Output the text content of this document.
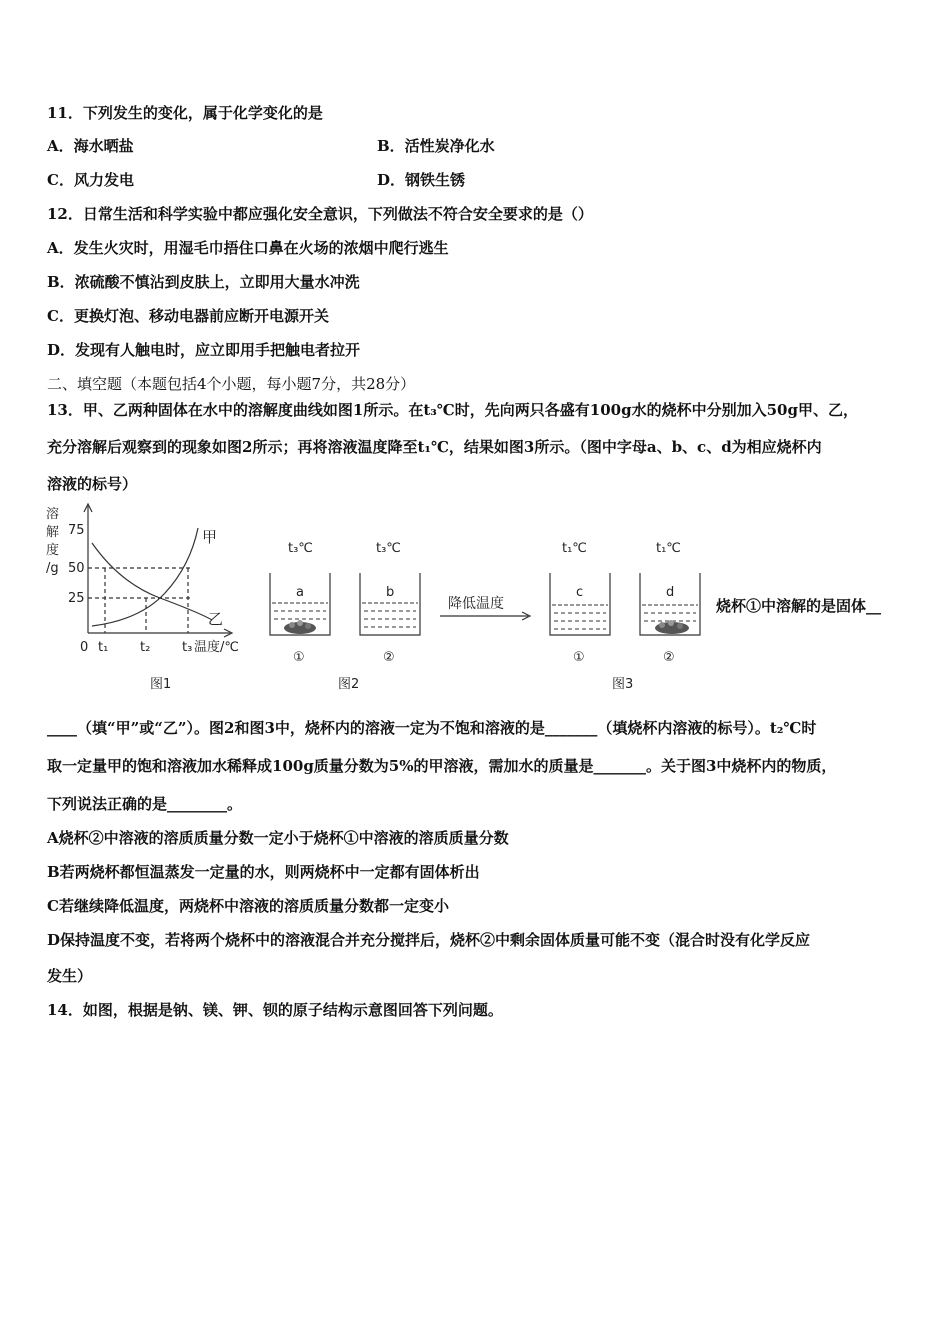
11．下列发生的变化，属于化学变化的是
A．海水晒盐	B．活性炭净化水
C．风力发电	D．钢铁生锈
12．日常生活和科学实验中都应强化安全意识，下列做法不符合安全要求的是（）
A．发生火灾时，用湿毛巾捂住口鼻在火场的浓烟中爬行逃生
B．浓硫酸不慎沾到皮肤上，立即用大量水冲洗
C．更换灯泡、移动电器前应断开电源开关
D．发现有人触电时，应立即用手把触电者拉开
二、填空题（本题包括4个小题，每小题7分，共28分）
13．甲、乙两种固体在水中的溶解度曲线如图1所示。在t₃℃时，先向两只各盛有100g水的烧杯中分别加入50g甲、乙，
充分溶解后观察到的现象如图2所示；再将溶液温度降至t₁℃，结果如图3所示。（图中字母a、b、c、d为相应烧杯内
溶液的标号）
溶
解
度
/g
75
50
25
0 t₁ t₂ t₃ 温度/℃
甲
乙
图1
t₃℃	t₃℃
a	b
①	②
图2
降低温度
t₁℃	t₁℃
c	d
①	②
图3
烧杯①中溶解的是固体__
____（填“甲”或“乙”）。图2和图3中，烧杯内的溶液一定为不饱和溶液的是_______（填烧杯内溶液的标号）。t₂℃时
取一定量甲的饱和溶液加水稀释成100g质量分数为5%的甲溶液，需加水的质量是_______。关于图3中烧杯内的物质，
下列说法正确的是________。
A烧杯②中溶液的溶质质量分数一定小于烧杯①中溶液的溶质质量分数
B若两烧杯都恒温蒸发一定量的水，则两烧杯中一定都有固体析出
C若继续降低温度，两烧杯中溶液的溶质质量分数都一定变小
D保持温度不变，若将两个烧杯中的溶液混合并充分搅拌后，烧杯②中剩余固体质量可能不变（混合时没有化学反应
发生）
14．如图，根据是钠、镁、钾、钡的原子结构示意图回答下列问题。
